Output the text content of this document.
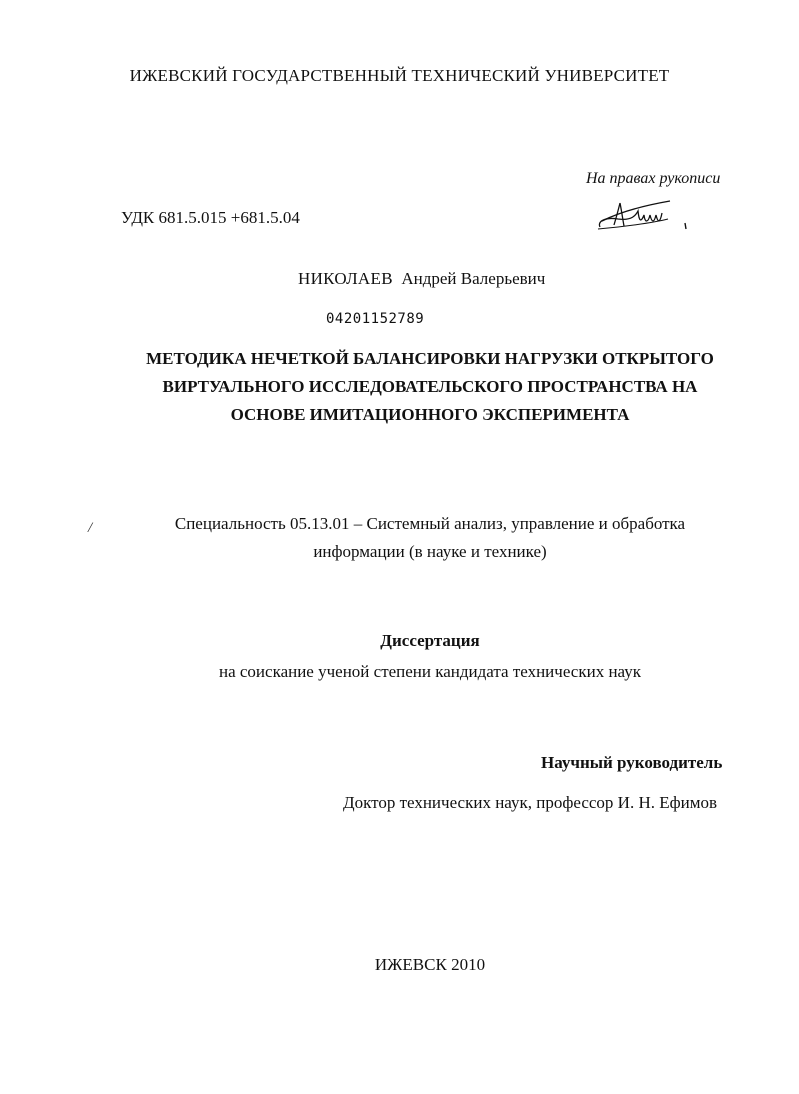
ИЖЕВСКИЙ ГОСУДАРСТВЕННЫЙ ТЕХНИЧЕСКИЙ УНИВЕРСИТЕТ
На правах рукописи
УДК 681.5.015 +681.5.04
НИКОЛАЕВ Андрей Валерьевич
04201152789
МЕТОДИКА НЕЧЕТКОЙ БАЛАНСИРОВКИ НАГРУЗКИ ОТКРЫТОГО
ВИРТУАЛЬНОГО ИССЛЕДОВАТЕЛЬСКОГО ПРОСТРАНСТВА НА
ОСНОВЕ ИМИТАЦИОННОГО ЭКСПЕРИМЕНТА
/	Специальность 05.13.01 – Системный анализ, управление и обработка
информации (в науке и технике)
Диссертация
на соискание ученой степени кандидата технических наук
Научный руководитель
Доктор технических наук, профессор И. Н. Ефимов
ИЖЕВСК 2010
